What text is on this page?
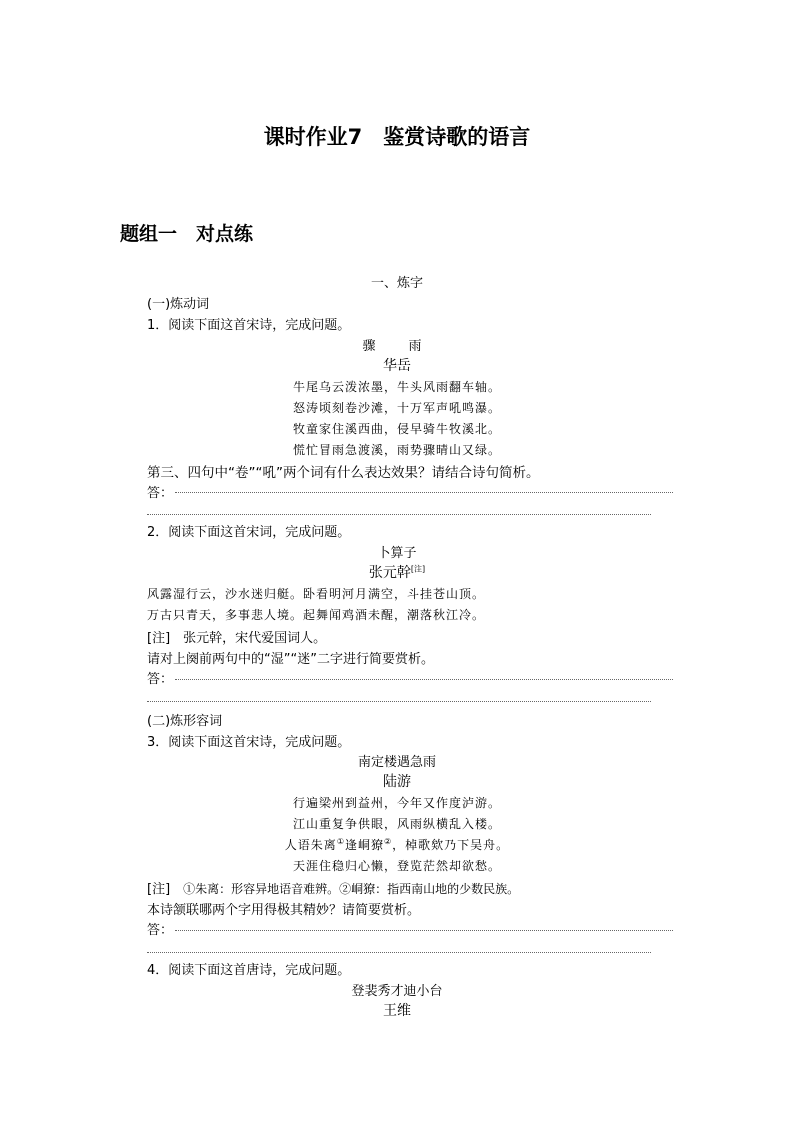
课时作业7　鉴赏诗歌的语言
题组一　对点练
一、炼字
(一)炼动词
1．阅读下面这首宋诗，完成问题。
骤　雨
华岳
牛尾乌云泼浓墨，牛头风雨翻车轴。
怒涛顷刻卷沙滩，十万军声吼鸣瀑。
牧童家住溪西曲，侵早骑牛牧溪北。
慌忙冒雨急渡溪，雨势骤晴山又绿。
第三、四句中“卷”“吼”两个词有什么表达效果？请结合诗句简析。
答：
2．阅读下面这首宋词，完成问题。
卜算子
张元幹[注]
风露湿行云，沙水迷归艇。卧看明河月满空，斗挂苍山顶。
万古只青天，多事悲人境。起舞闻鸡酒未醒，潮落秋江冷。
[注]　张元幹，宋代爱国词人。
请对上阕前两句中的“湿”“迷”二字进行简要赏析。
答：
(二)炼形容词
3．阅读下面这首宋诗，完成问题。
南定楼遇急雨
陆游
行遍梁州到益州，今年又作度泸游。
江山重复争供眼，风雨纵横乱入楼。
人语朱离①逢峒獠②，棹歌欸乃下吴舟。
天涯住稳归心懒，登览茫然却欲愁。
[注]　 ①朱离：形容异地语音难辨。②峒獠：指西南山地的少数民族。
本诗颔联哪两个字用得极其精妙？请简要赏析。
答：
4．阅读下面这首唐诗，完成问题。
登裴秀才迪小台
王维
